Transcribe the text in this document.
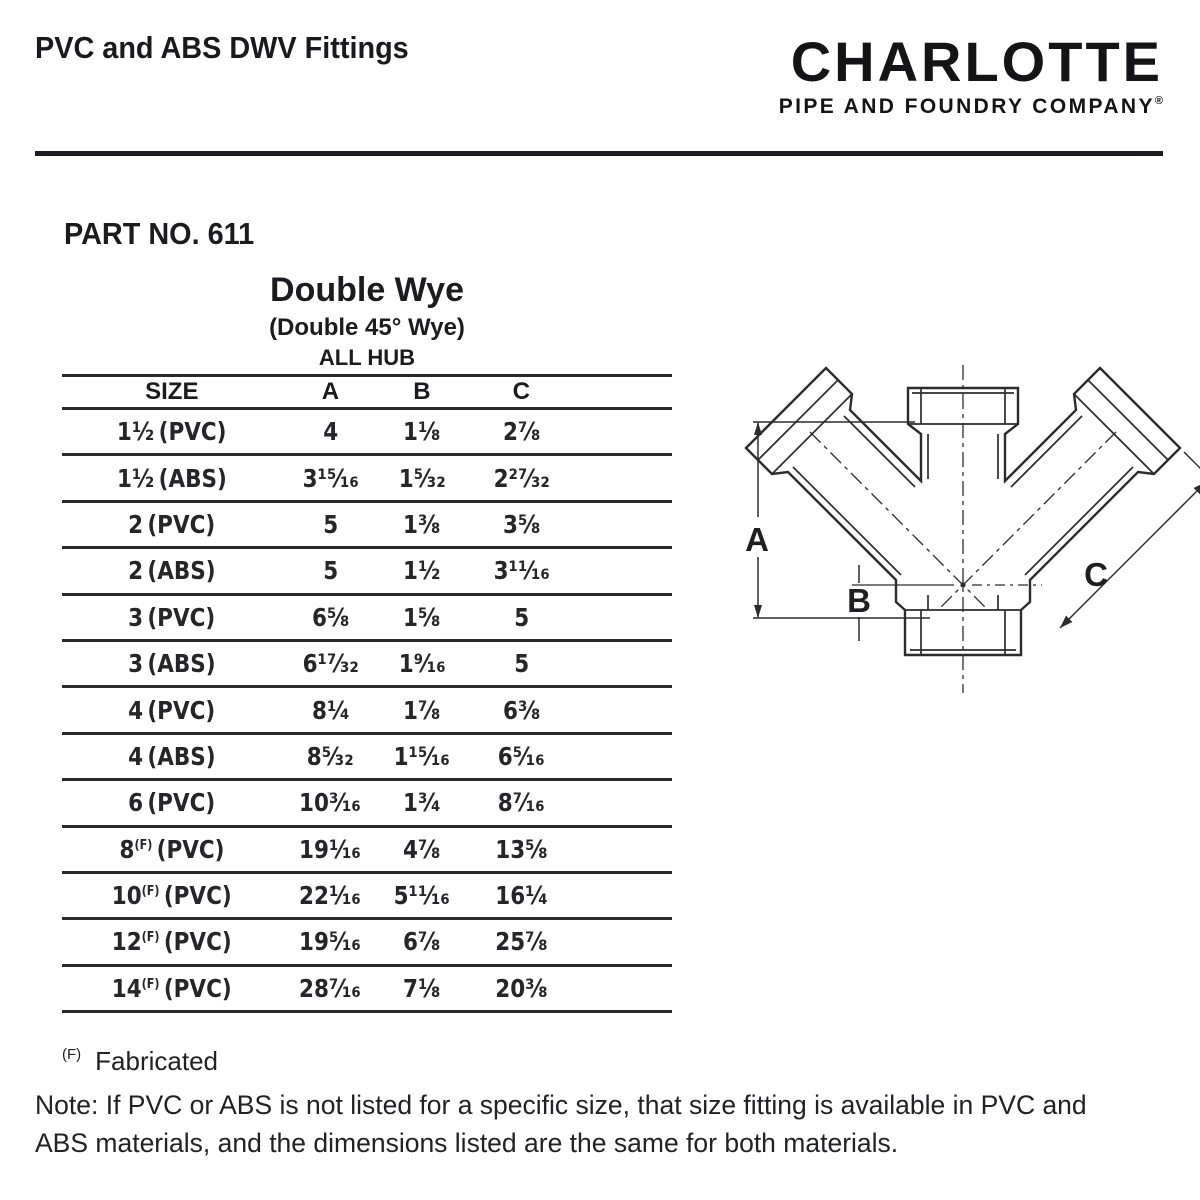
PVC and ABS DWV Fittings	CHARLOTTE
PIPE AND FOUNDRY COMPANY®
PART NO. 611
Double Wye
(Double 45° Wye)
ALL HUB
SIZE	A	B	C
1¹⁄₂ (PVC)	4	1¹⁄₈	2⁷⁄₈
1¹⁄₂ (ABS)	3¹⁵⁄₁₆	1⁵⁄₃₂	2²⁷⁄₃₂
2 (PVC)	5	1³⁄₈	3⁵⁄₈
2 (ABS)	5	1¹⁄₂	3¹¹⁄₁₆
3 (PVC)	6⁵⁄₈	1⁵⁄₈	5
3 (ABS)	6¹⁷⁄₃₂	1⁹⁄₁₆	5
4 (PVC)	8¹⁄₄	1⁷⁄₈	6³⁄₈
4 (ABS)	8⁵⁄₃₂	1¹⁵⁄₁₆	6⁵⁄₁₆
6 (PVC)	10³⁄₁₆	1³⁄₄	8⁷⁄₁₆
$8^{(F)}$ (PVC)	19¹⁄₁₆	4⁷⁄₈	13⁵⁄₈
$10^{(F)}$ (PVC)	22¹⁄₁₆	5¹¹⁄₁₆	16¹⁄₄
$12^{(F)}$ (PVC)	19⁵⁄₁₆	6⁷⁄₈	25⁷⁄₈
$14^{(F)}$ (PVC)	28⁷⁄₁₆	7¹⁄₈	20³⁄₈
A
B
C
$^{(F)}$ Fabricated
Note: If PVC or ABS is not listed for a specific size, that size fitting is available in PVC and
ABS materials, and the dimensions listed are the same for both materials.
